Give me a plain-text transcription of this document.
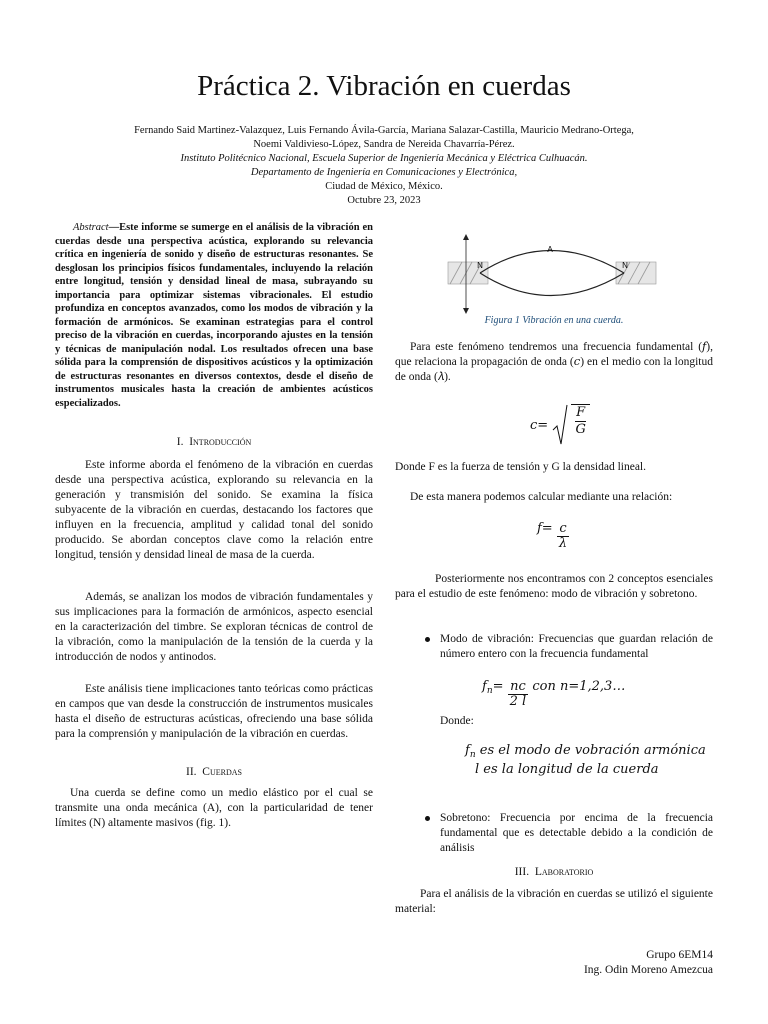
Práctica 2. Vibración en cuerdas
Fernando Said Martinez-Valazquez, Luis Fernando Ávila-García, Mariana Salazar-Castilla, Mauricio Medrano-Ortega,
Noemi Valdivieso-López, Sandra de Nereida Chavarría-Pérez.
Instituto Politécnico Nacional, Escuela Superior de Ingeniería Mecánica y Eléctrica Culhuacán.
Departamento de Ingeniería en Comunicaciones y Electrónica,
Ciudad de México, México.
Octubre 23, 2023
Abstract—Este informe se sumerge en el análisis de la vibración en cuerdas desde una perspectiva acústica, explorando su relevancia crítica en ingeniería de sonido y diseño de estructuras resonantes. Se desglosan los principios físicos fundamentales, incluyendo la relación entre longitud, tensión y densidad lineal de masa, subrayando su importancia para optimizar sistemas vibracionales. El estudio profundiza en conceptos avanzados, como los modos de vibración y la formación de armónicos. Se examinan estrategias para el control preciso de la vibración en cuerdas, incorporando ajustes en la tensión y técnicas de manipulación nodal. Los resultados ofrecen una base sólida para la comprensión de dispositivos acústicos y la optimización de estructuras resonantes en diversos contextos, desde el diseño de instrumentos musicales hasta la creación de ambientes acústicos especializados.
I. Introducción

Este informe aborda el fenómeno de la vibración en cuerdas desde una perspectiva acústica, explorando su relevancia en la generación y transmisión del sonido. Se examina la física subyacente de la vibración en cuerdas, destacando los factores que influyen en la frecuencia, amplitud y calidad tonal del sonido producido. Se abordan conceptos clave como la relación entre longitud, tensión y densidad lineal de masa de la cuerda.

Además, se analizan los modos de vibración fundamentales y sus implicaciones para la formación de armónicos, aspecto esencial en la caracterización del timbre. Se exploran técnicas de control de la vibración, como la manipulación de la tensión de la cuerda y la introducción de nodos y antinodos.

Este análisis tiene implicaciones tanto teóricas como prácticas en campos que van desde la construcción de instrumentos musicales hasta el diseño de estructuras acústicas, ofreciendo una base sólida para la comprensión y manipulación de la vibración en cuerdas.

II. Cuerdas

Una cuerda se define como un medio elástico por el cual se transmite una onda mecánica (A), con la particularidad de tener límites (N) altamente masivos (fig. 1).

A
N	N
Figura 1 Vibración en una cuerda.

Para este fenómeno tendremos una frecuencia fundamental (𝑓), que relaciona la propagación de onda (𝑐) en el medio con la longitud de onda (𝜆).

$c= \frac{F}{G}$

Donde F es la fuerza de tensión y G la densidad lineal.

De esta manera podemos calcular mediante una relación:

$f= \frac{c}{\lambda}$

Posteriormente nos encontramos con 2 conceptos esenciales para el estudio de este fenómeno: modo de vibración y sobretono.

Modo de vibración: Frecuencias que guardan relación de número entero con la frecuencia fundamental
$f^n= \frac{nc}{2 l}$ con n=1,2,3…
Donde:
$f_n$ es el modo de vobración armónica
l es la longitud de la cuerda
Sobretono: Frecuencia por encima de la frecuencia fundamental que es detectable debido a la condición de análisis
III. Laboratorio

Para el análisis de la vibración en cuerdas se utilizó el siguiente material:

Grupo 6EM14
Ing. Odin Moreno Amezcua
